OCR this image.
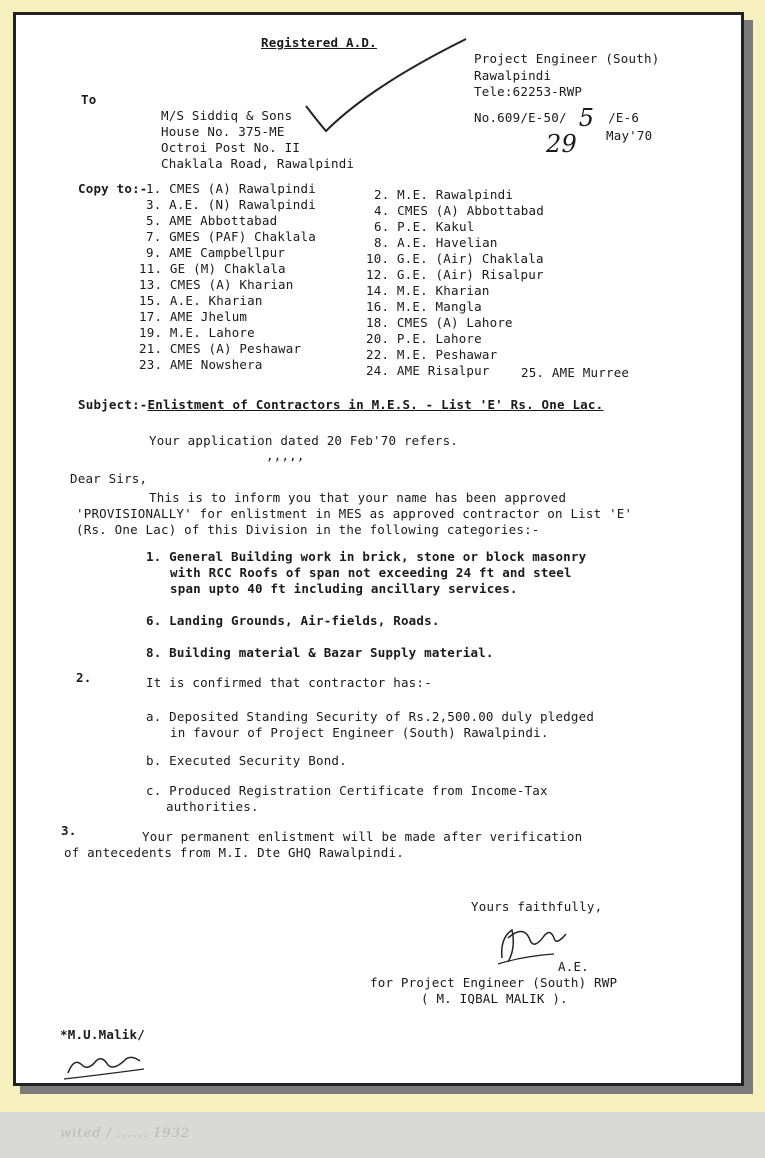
wited / ...... 1932
Registered A.D.
Project Engineer (South)
Rawalpindi
Tele:62253-RWP
No.609/E-50/ 5 /E-6
29 May'70
To
M/S Siddiq & Sons
House No. 375-ME
Octroi Post No. II
Chaklala Road, Rawalpindi
Copy to:-
1. CMES (A) Rawalpindi
3. A.E. (N) Rawalpindi
5. AME Abbottabad
7. GMES (PAF) Chaklala
9. AME Campbellpur
11. GE (M) Chaklala
13. CMES (A) Kharian
15. A.E. Kharian
17. AME Jhelum
19. M.E. Lahore
21. CMES (A) Peshawar
23. AME Nowshera
2. M.E. Rawalpindi
4. CMES (A) Abbottabad
6. P.E. Kakul
8. A.E. Havelian
10. G.E. (Air) Chaklala
12. G.E. (Air) Risalpur
14. M.E. Kharian
16. M.E. Mangla
18. CMES (A) Lahore
20. P.E. Lahore
22. M.E. Peshawar
24. AME Risalpur	25. AME Murree
Subject:-Enlistment of Contractors in M.E.S. - List 'E' Rs. One Lac.
Your application dated 20 Feb'70 refers.
,,,,,
Dear Sirs,
This is to inform you that your name has been approved
'PROVISIONALLY' for enlistment in MES as approved contractor on List 'E'
(Rs. One Lac) of this Division in the following categories:-
1. General Building work in brick, stone or block masonry
with RCC Roofs of span not exceeding 24 ft and steel
span upto 40 ft including ancillary services.
6. Landing Grounds, Air-fields, Roads.
8. Building material & Bazar Supply material.
2.	It is confirmed that contractor has:-
a. Deposited Standing Security of Rs.2,500.00 duly pledged
in favour of Project Engineer (South) Rawalpindi.
b. Executed Security Bond.
c. Produced Registration Certificate from Income-Tax
authorities.
3.	Your permanent enlistment will be made after verification
of antecedents from M.I. Dte GHQ Rawalpindi.
Yours faithfully,
A.E.
for Project Engineer (South) RWP
( M. IQBAL MALIK ).
*M.U.Malik/
